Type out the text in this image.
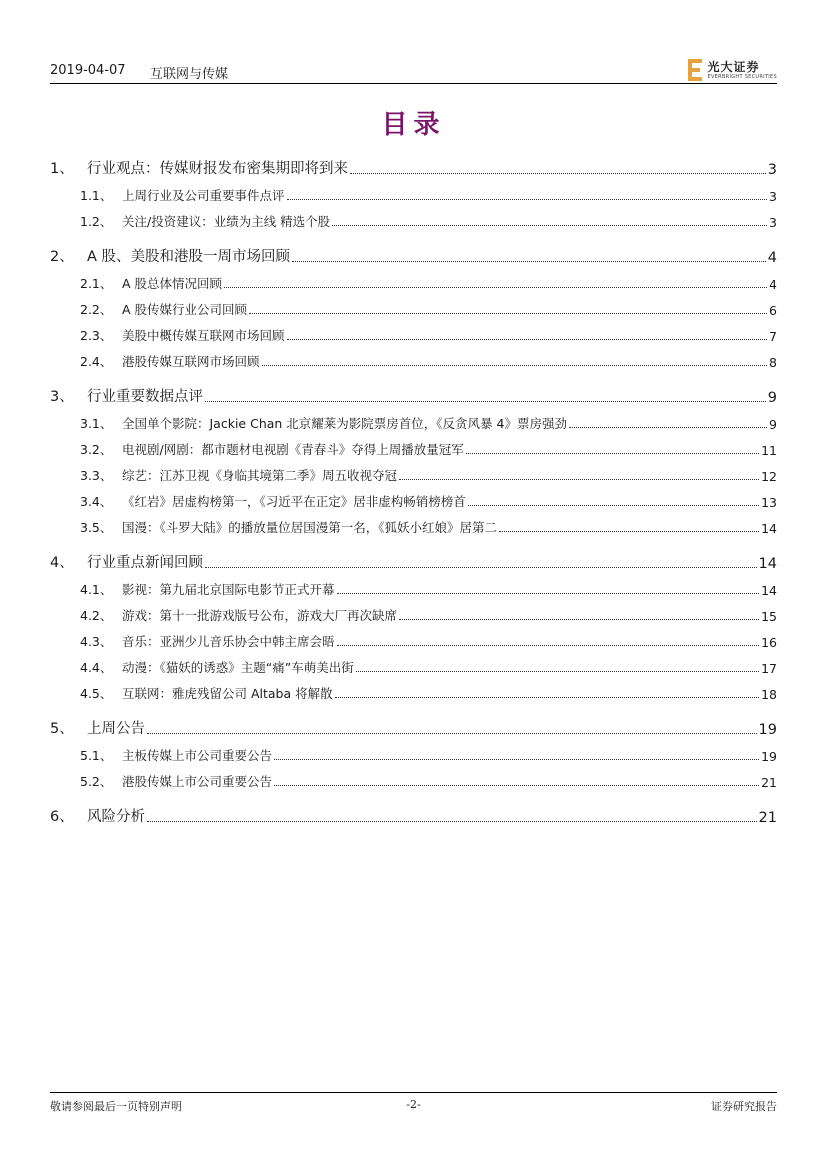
2019-04-07 互联网与传媒
光大证券
EVERBRIGHT SECURITIES
目录
1、 行业观点：传媒财报发布密集期即将到来	3
1.1、 上周行业及公司重要事件点评	3
1.2、 关注/投资建议：业绩为主线 精选个股	3
2、 A 股、美股和港股一周市场回顾	4
2.1、 A 股总体情况回顾	4
2.2、 A 股传媒行业公司回顾	6
2.3、 美股中概传媒互联网市场回顾	7
2.4、 港股传媒互联网市场回顾	8
3、 行业重要数据点评	9
3.1、 全国单个影院：Jackie Chan 北京耀莱为影院票房首位，《反贪风暴 4》票房强劲	9
3.2、 电视剧/网剧：都市题材电视剧《青春斗》夺得上周播放量冠军	11
3.3、 综艺：江苏卫视《身临其境第二季》周五收视夺冠	12
3.4、 《红岩》居虚构榜第一，《习近平在正定》居非虚构畅销榜榜首	13
3.5、 国漫：《斗罗大陆》的播放量位居国漫第一名，《狐妖小红娘》居第二	14
4、 行业重点新闻回顾	14
4.1、 影视：第九届北京国际电影节正式开幕	14
4.2、 游戏：第十一批游戏版号公布，游戏大厂再次缺席	15
4.3、 音乐：亚洲少儿音乐协会中韩主席会晤	16
4.4、 动漫：《猫妖的诱惑》主题“痛”车萌美出街	17
4.5、 互联网：雅虎残留公司 Altaba 将解散	18
5、 上周公告	19
5.1、 主板传媒上市公司重要公告	19
5.2、 港股传媒上市公司重要公告	21
6、 风险分析	21
敬请参阅最后一页特别声明	-2-	证券研究报告
